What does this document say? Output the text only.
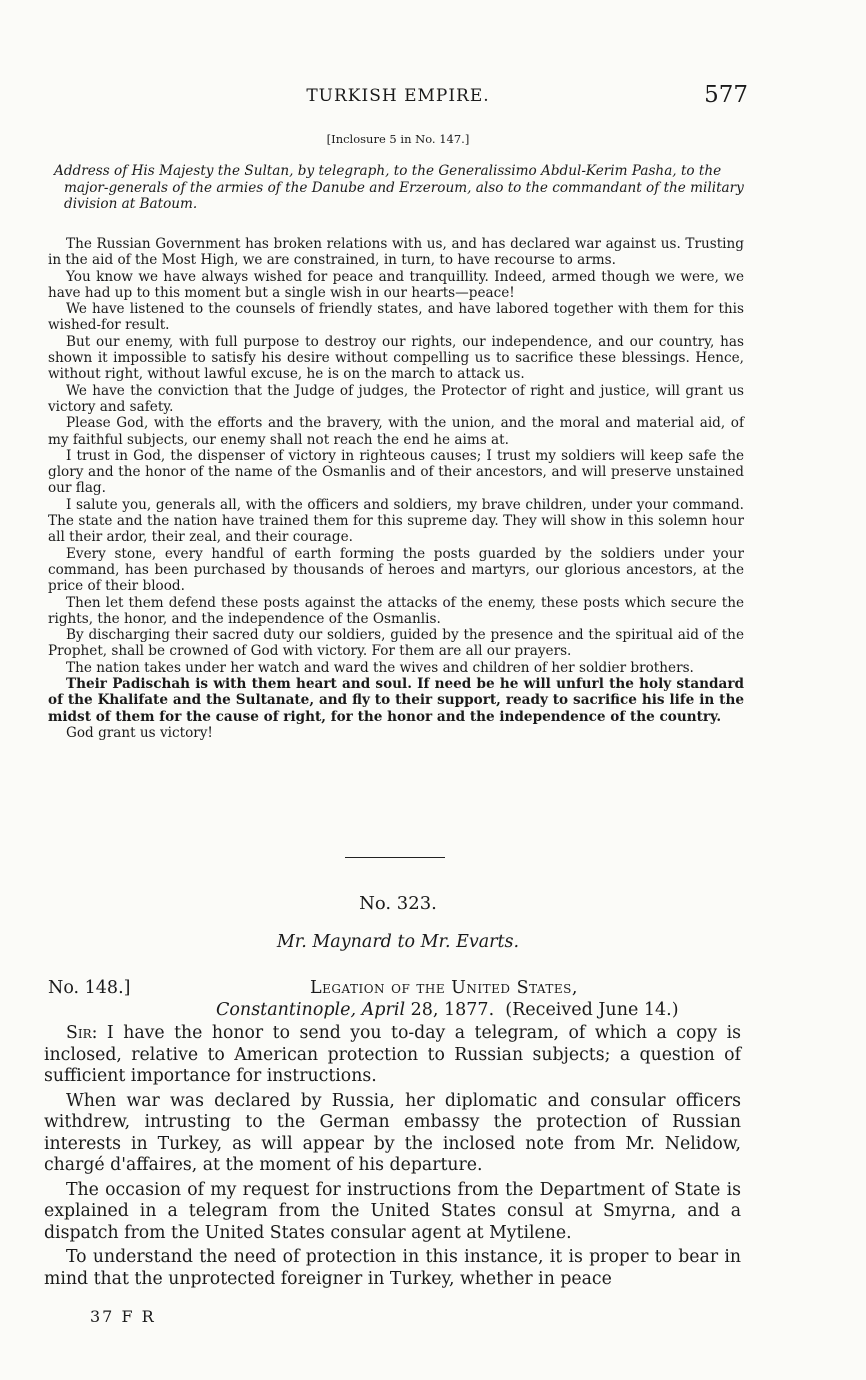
TURKISH EMPIRE.	577
[Inclosure 5 in No. 147.]
Address of His Majesty the Sultan, by telegraph, to the Generalissimo Abdul-Kerim Pasha, to the major-generals of the armies of the Danube and Erzeroum, also to the commandant of the military division at Batoum.

The Russian Government has broken relations with us, and has declared war against us. Trusting in the aid of the Most High, we are constrained, in turn, to have recourse to arms.

You know we have always wished for peace and tranquillity. Indeed, armed though we were, we have had up to this moment but a single wish in our hearts—peace!

We have listened to the counsels of friendly states, and have labored together with them for this wished-for result.

But our enemy, with full purpose to destroy our rights, our independence, and our country, has shown it impossible to satisfy his desire without compelling us to sacrifice these blessings. Hence, without right, without lawful excuse, he is on the march to attack us.

We have the conviction that the Judge of judges, the Protector of right and justice, will grant us victory and safety.

Please God, with the efforts and the bravery, with the union, and the moral and material aid, of my faithful subjects, our enemy shall not reach the end he aims at.

I trust in God, the dispenser of victory in righteous causes; I trust my soldiers will keep safe the glory and the honor of the name of the Osmanlis and of their ancestors, and will preserve unstained our flag.

I salute you, generals all, with the officers and soldiers, my brave children, under your command. The state and the nation have trained them for this supreme day. They will show in this solemn hour all their ardor, their zeal, and their courage.

Every stone, every handful of earth forming the posts guarded by the soldiers under your command, has been purchased by thousands of heroes and martyrs, our glorious ancestors, at the price of their blood.

Then let them defend these posts against the attacks of the enemy, these posts which secure the rights, the honor, and the independence of the Osmanlis.

By discharging their sacred duty our soldiers, guided by the presence and the spiritual aid of the Prophet, shall be crowned of God with victory. For them are all our prayers.

The nation takes under her watch and ward the wives and children of her soldier brothers.

Their Padischah is with them heart and soul. If need be he will unfurl the holy standard of the Khalifate and the Sultanate, and fly to their support, ready to sacrifice his life in the midst of them for the cause of right, for the honor and the independence of the country.

God grant us victory!

No. 323.
Mr. Maynard to Mr. Evarts.
No. 148.]	Legation of the United States,
Constantinople, April 28, 1877. (Received June 14.)

Sir: I have the honor to send you to-day a telegram, of which a copy is inclosed, relative to American protection to Russian subjects; a question of sufficient importance for instructions.

When war was declared by Russia, her diplomatic and consular officers withdrew, intrusting to the German embassy the protection of Russian interests in Turkey, as will appear by the inclosed note from Mr. Nelidow, chargé d'affaires, at the moment of his departure.

The occasion of my request for instructions from the Department of State is explained in a telegram from the United States consul at Smyrna, and a dispatch from the United States consular agent at Mytilene.

To understand the need of protection in this instance, it is proper to bear in mind that the unprotected foreigner in Turkey, whether in peace

37 F R
